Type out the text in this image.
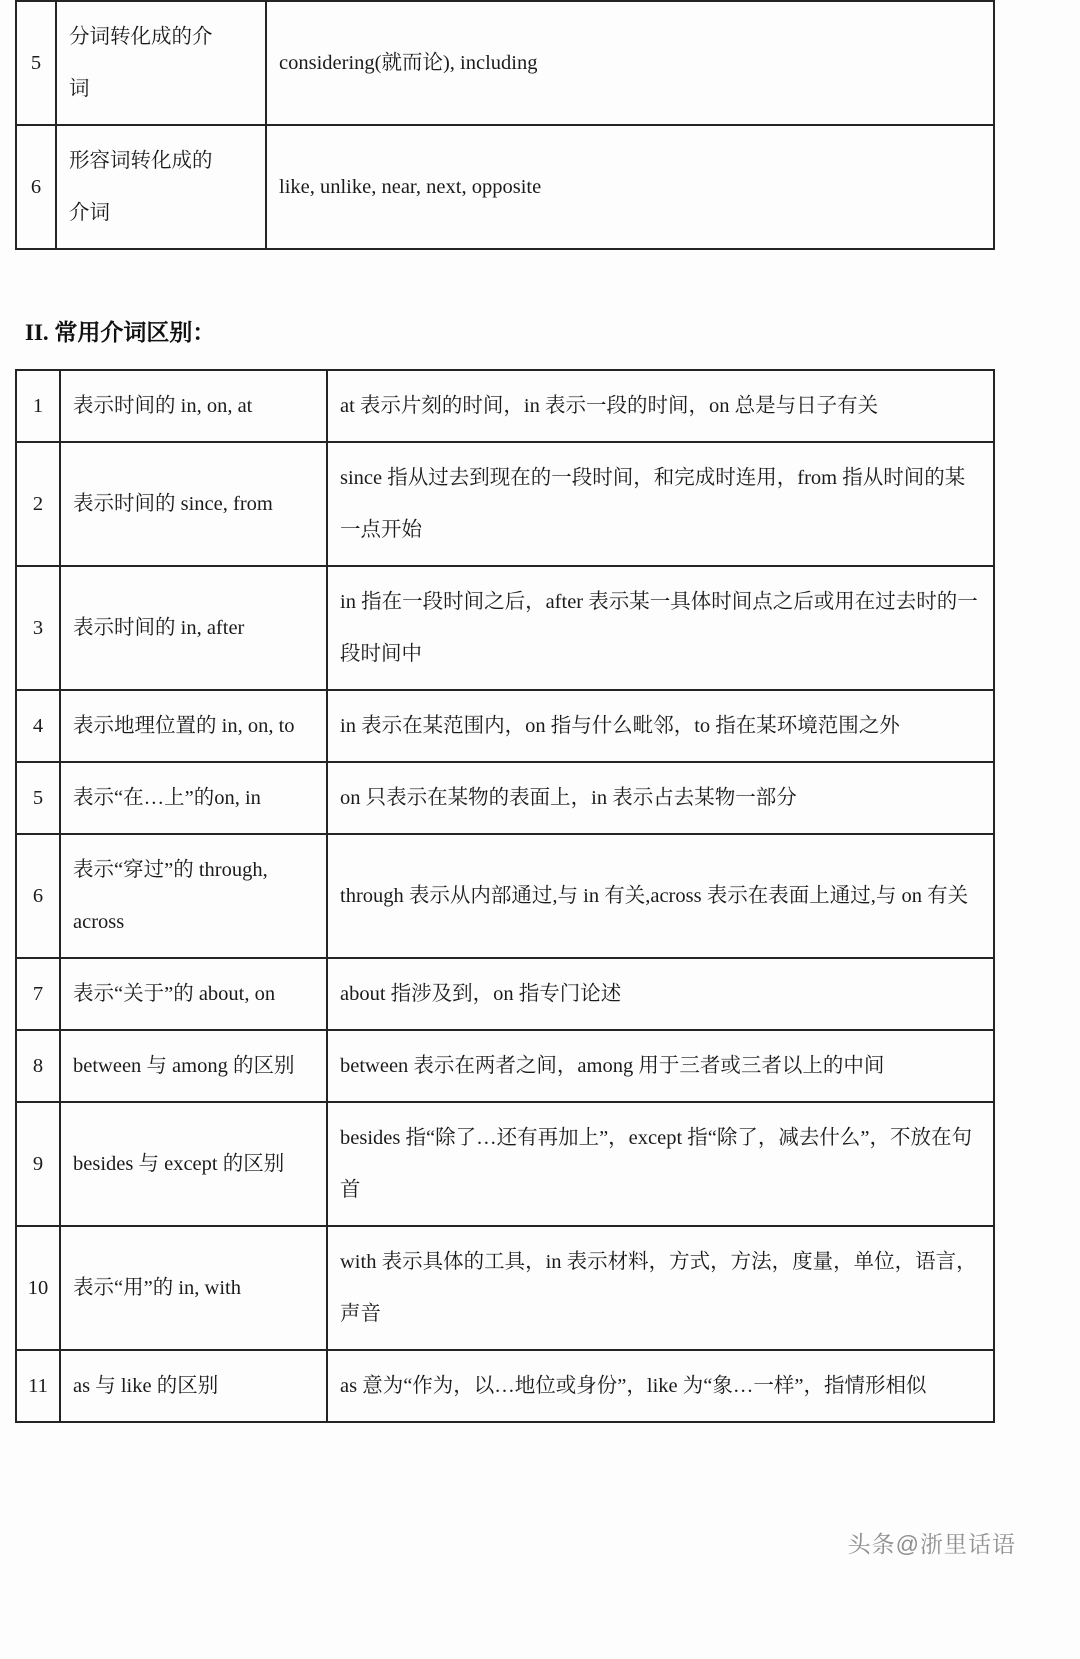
5	分词转化成的介词	considering(就而论), including
6	形容词转化成的介词	like, unlike, near, next, opposite
II. 常用介词区别：
1	表示时间的 in, on, at	at 表示片刻的时间，in 表示一段的时间，on 总是与日子有关
2	表示时间的 since, from	since 指从过去到现在的一段时间，和完成时连用，from 指从时间的某一点开始
3	表示时间的 in, after	in 指在一段时间之后，after 表示某一具体时间点之后或用在过去时的一段时间中
4	表示地理位置的 in, on, to	in 表示在某范围内，on 指与什么毗邻，to 指在某环境范围之外
5	表示“在…上”的on, in	on 只表示在某物的表面上，in 表示占去某物一部分
6	表示“穿过”的 through, across	through 表示从内部通过,与 in 有关,across 表示在表面上通过,与 on 有关
7	表示“关于”的 about, on	about 指涉及到，on 指专门论述
8	between 与 among 的区别	between 表示在两者之间，among 用于三者或三者以上的中间
9	besides 与 except 的区别	besides 指“除了…还有再加上”，except 指“除了，减去什么”，不放在句首
10	表示“用”的 in, with	with 表示具体的工具，in 表示材料，方式，方法，度量，单位，语言，声音
11	as 与 like 的区别	as 意为“作为，以…地位或身份”，like 为“象…一样”，指情形相似
头条@浙里话语
